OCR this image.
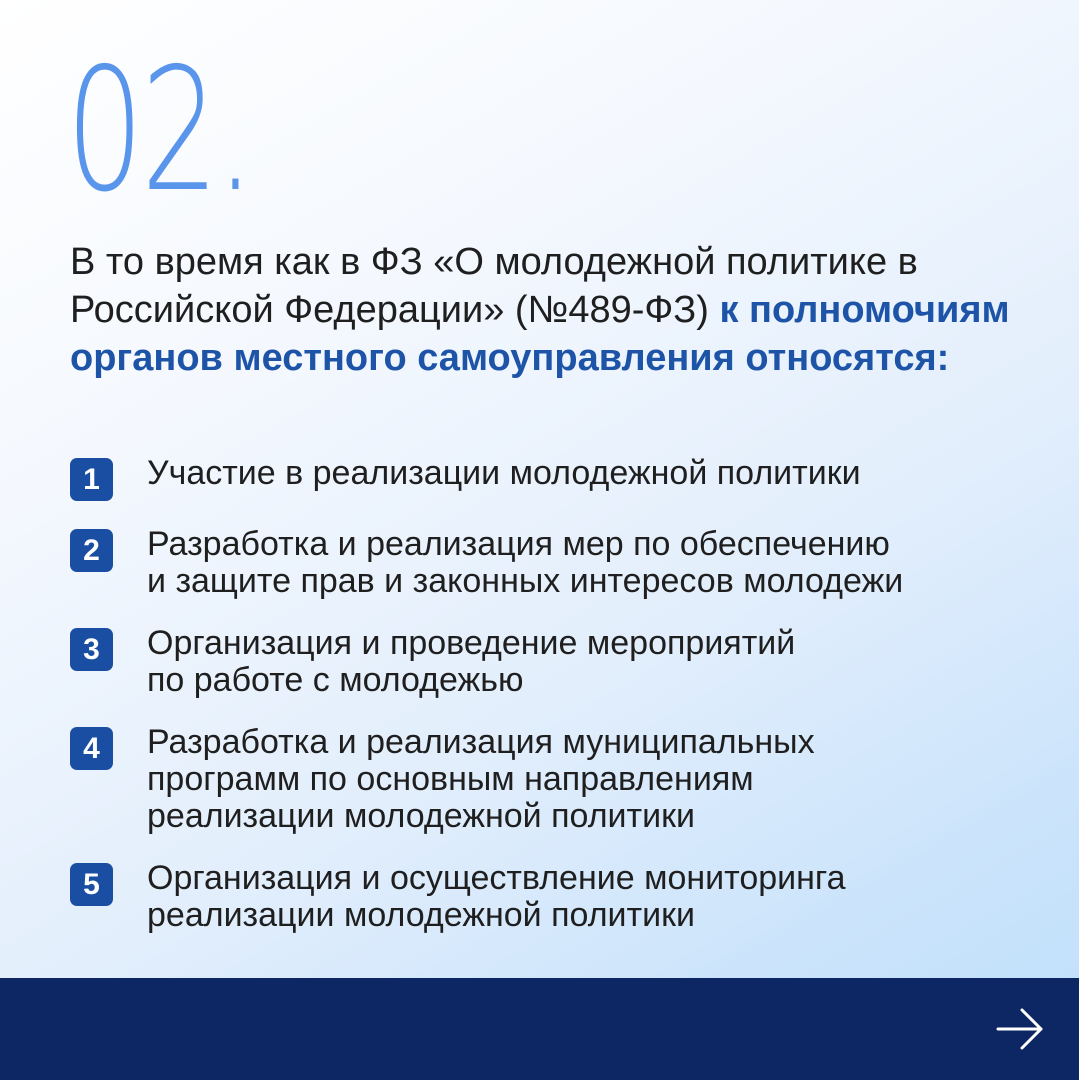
02.
В то время как в ФЗ «О молодежной политике в Российской Федерации» (№489-ФЗ) к полномочиям органов местного самоуправления относятся:
1	Участие в реализации молодежной политики
2	Разработка и реализация мер по обеспечению
и защите прав и законных интересов молодежи
3	Организация и проведение мероприятий
по работе с молодежью
4	Разработка и реализация муниципальных
программ по основным направлениям
реализации молодежной политики
5	Организация и осуществление мониторинга
реализации молодежной политики
